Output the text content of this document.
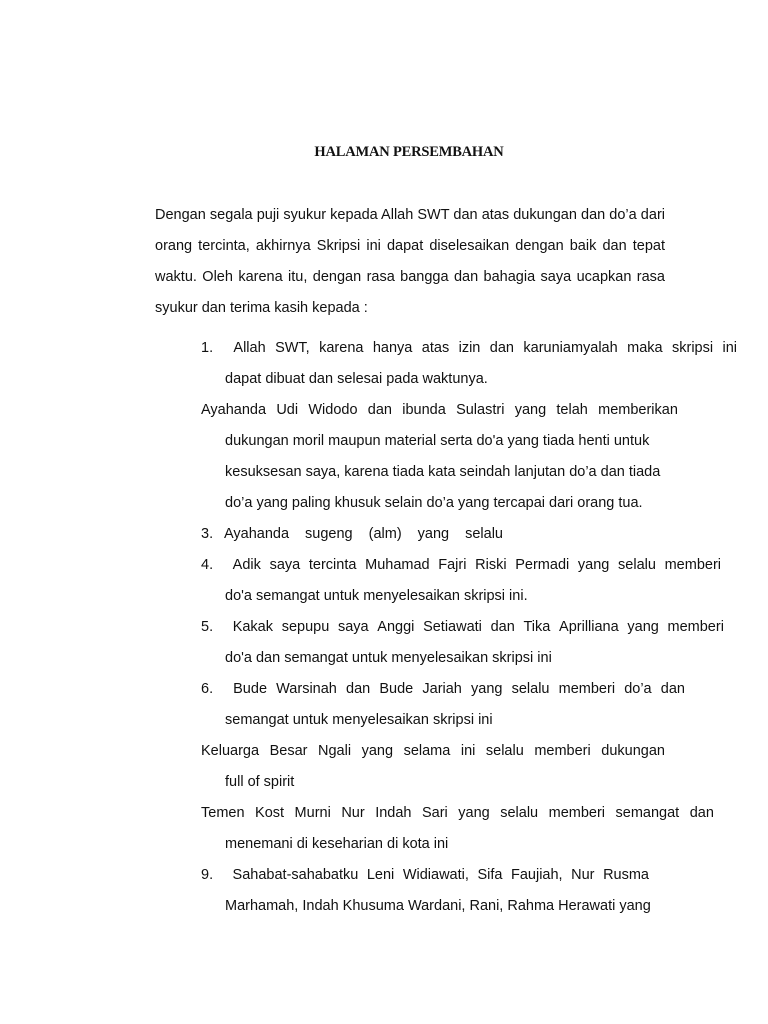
HALAMAN PERSEMBAHAN
Dengan segala puji syukur kepada Allah SWT dan atas dukungan dan do’a dari
orang tercinta, akhirnya Skripsi ini dapat diselesaikan dengan baik dan tepat
waktu. Oleh karena itu, dengan rasa bangga dan bahagia saya ucapkan rasa
syukur dan terima kasih kepada :
1.	Allah SWT, karena hanya atas izin dan karuniamyalah maka skripsi ini
dapat dibuat dan selesai pada waktunya.
Ayahanda Udi Widodo dan ibunda Sulastri yang telah memberikan
dukungan moril maupun material serta do'a yang tiada henti untuk
kesuksesan saya, karena tiada kata seindah lanjutan do’a dan tiada
do’a yang paling khusuk selain do’a yang tercapai dari orang tua.
3. Ayahanda sugeng (alm) yang selalu
4.	Adik saya tercinta Muhamad Fajri Riski Permadi yang selalu memberi
do'a semangat untuk menyelesaikan skripsi ini.
5.	Kakak sepupu saya Anggi Setiawati dan Tika Aprilliana yang memberi
do'a dan semangat untuk menyelesaikan skripsi ini
6.	Bude Warsinah dan Bude Jariah yang selalu memberi do’a dan
semangat untuk menyelesaikan skripsi ini
Keluarga Besar Ngali yang selama ini selalu memberi dukungan
full of spirit
Temen Kost Murni Nur Indah Sari yang selalu memberi semangat dan
menemani di keseharian di kota ini
9.	Sahabat-sahabatku Leni Widiawati, Sifa Faujiah, Nur Rusma
Marhamah, Indah Khusuma Wardani, Rani, Rahma Herawati yang
